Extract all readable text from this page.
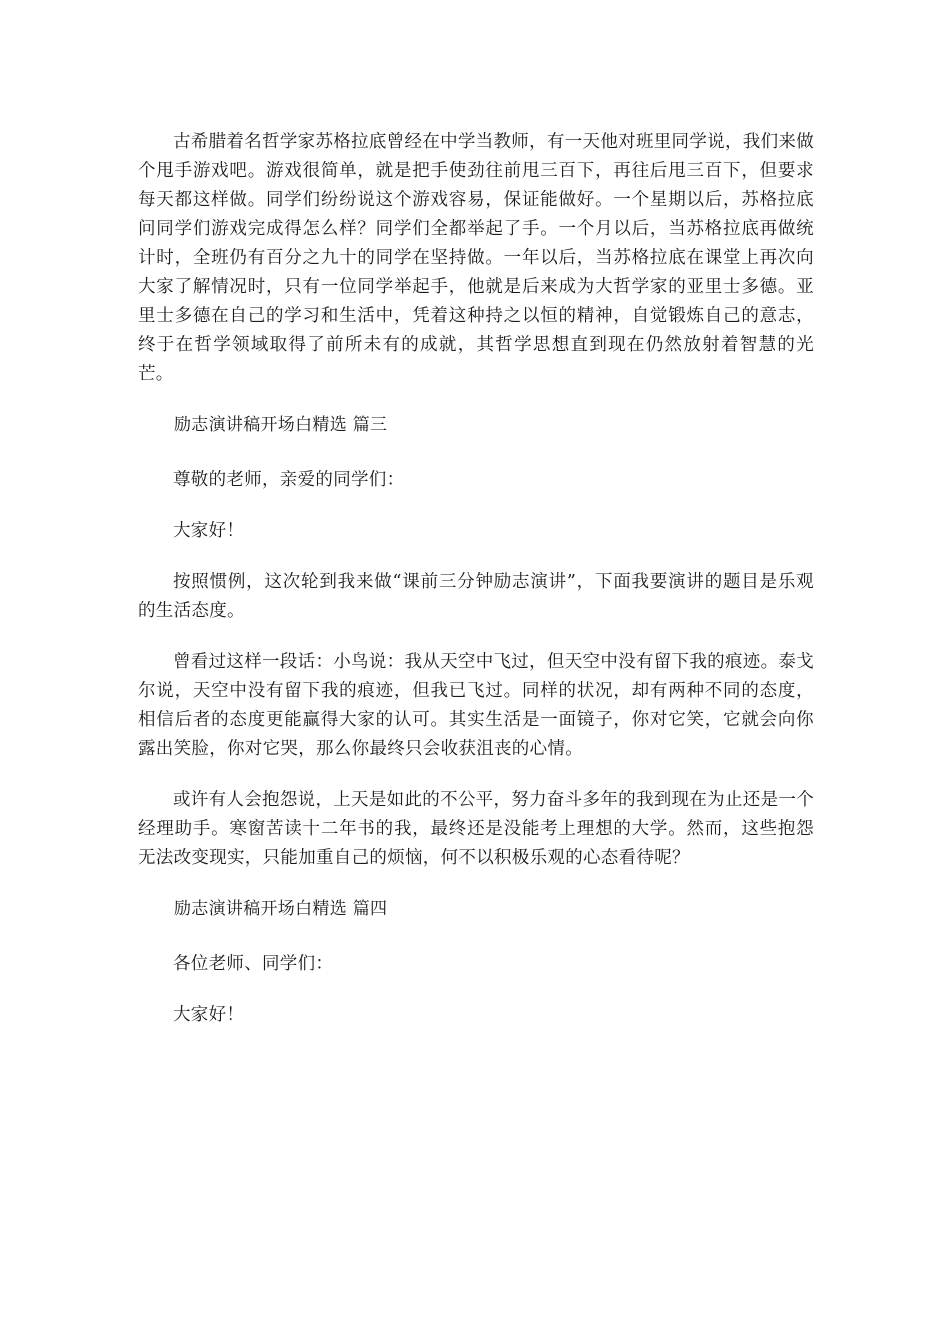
古希腊着名哲学家苏格拉底曾经在中学当教师，有一天他对班里同学说，我们来做个甩手游戏吧。游戏很简单，就是把手使劲往前甩三百下，再往后甩三百下，但要求每天都这样做。同学们纷纷说这个游戏容易，保证能做好。一个星期以后，苏格拉底问同学们游戏完成得怎么样？同学们全都举起了手。一个月以后，当苏格拉底再做统计时，全班仍有百分之九十的同学在坚持做。一年以后，当苏格拉底在课堂上再次向大家了解情况时，只有一位同学举起手，他就是后来成为大哲学家的亚里士多德。亚里士多德在自己的学习和生活中，凭着这种持之以恒的精神，自觉锻炼自己的意志，终于在哲学领域取得了前所未有的成就，其哲学思想直到现在仍然放射着智慧的光芒。

励志演讲稿开场白精选 篇三

尊敬的老师，亲爱的同学们：

大家好！

按照惯例，这次轮到我来做“课前三分钟励志演讲”，下面我要演讲的题目是乐观的生活态度。

曾看过这样一段话：小鸟说：我从天空中飞过，但天空中没有留下我的痕迹。泰戈尔说，天空中没有留下我的痕迹，但我已飞过。同样的状况，却有两种不同的态度，相信后者的态度更能赢得大家的认可。其实生活是一面镜子，你对它笑，它就会向你露出笑脸，你对它哭，那么你最终只会收获沮丧的心情。

或许有人会抱怨说，上天是如此的不公平，努力奋斗多年的我到现在为止还是一个经理助手。寒窗苦读十二年书的我，最终还是没能考上理想的大学。然而，这些抱怨无法改变现实，只能加重自己的烦恼，何不以积极乐观的心态看待呢？

励志演讲稿开场白精选 篇四

各位老师、同学们：

大家好！
